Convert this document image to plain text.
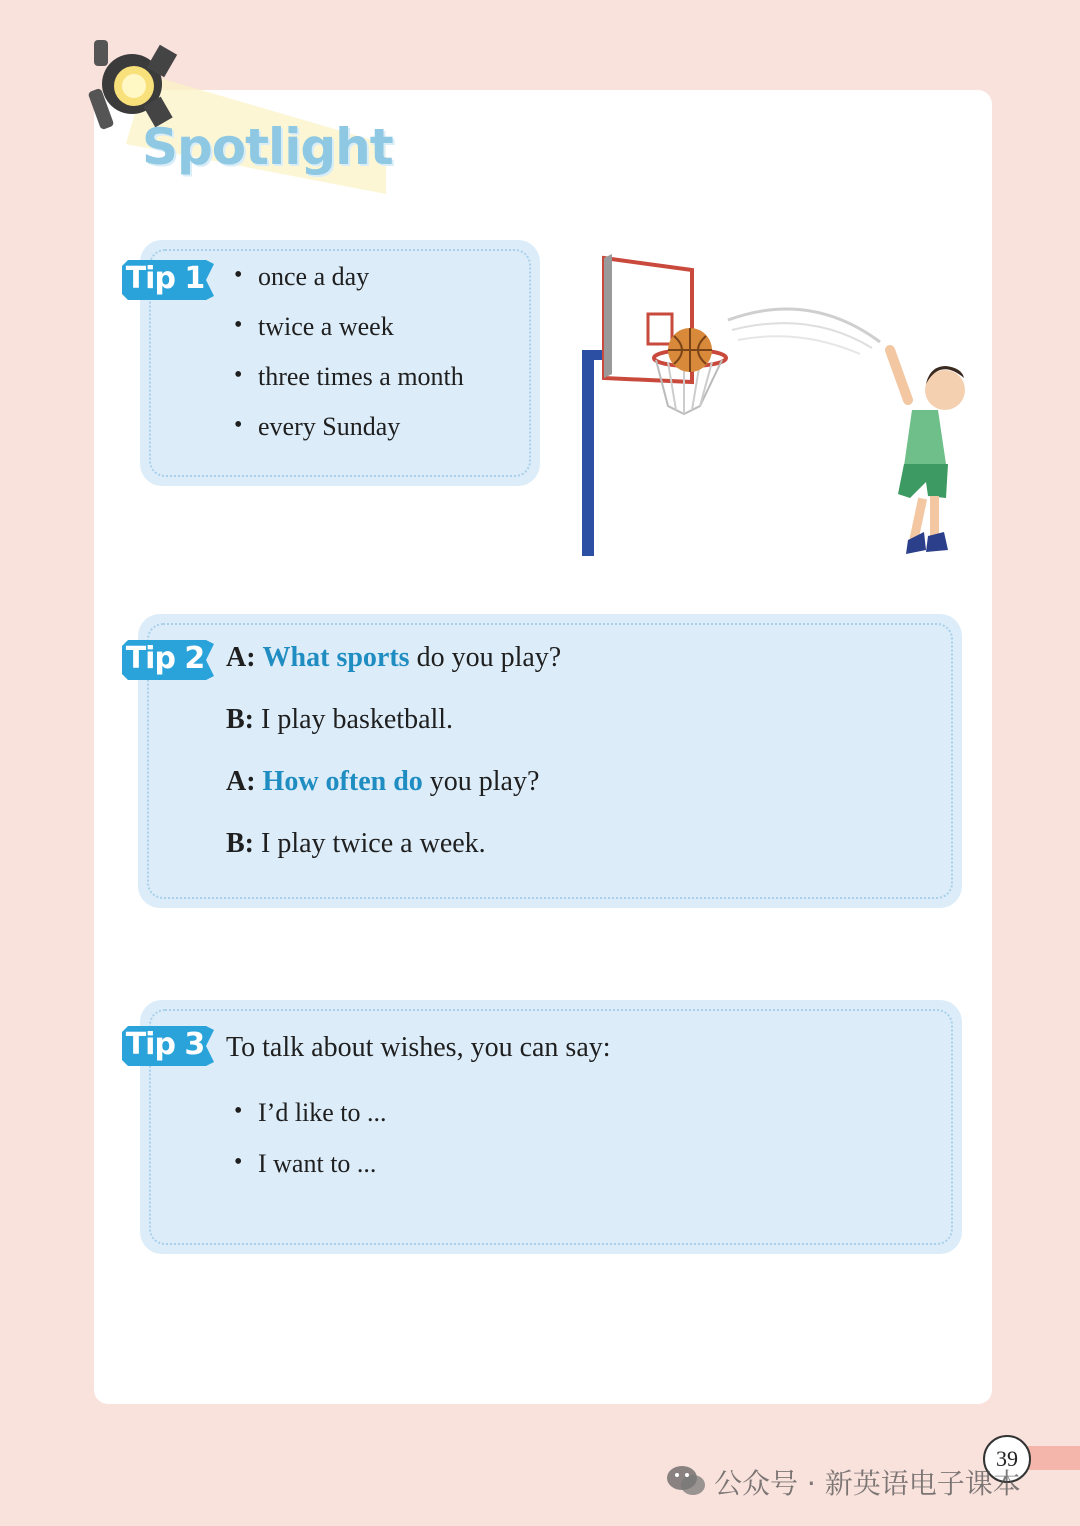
Spotlight
Tip 1
•	once a day
• twice a week
• three times a month
• every Sunday
Tip 2 A: What sports do you play?
B: I play basketball.
A: How often do you play?
B: I play twice a week.
Tip 3 To talk about wishes, you can say:
• I’d like to ...
• I want to ...
39
公众号 · 新英语电子课本
